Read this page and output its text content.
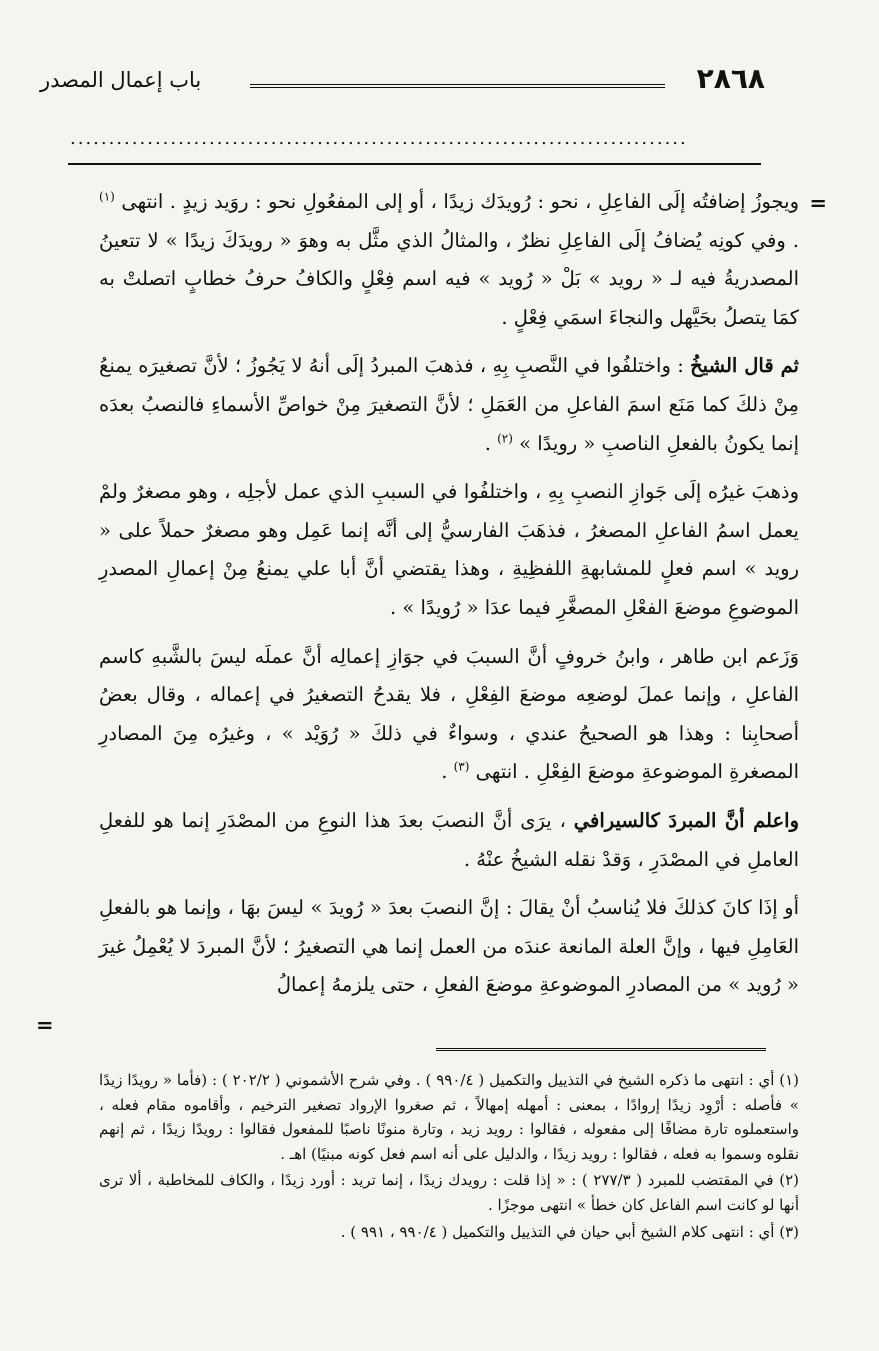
٢٨٦٨
باب إعمال المصدر
................................................................................
=

ويجوزُ إضافتُه إلَى الفاعِلِ ، نحو : رُويدَك زيدًا ، أو إلى المفعُولِ نحو : روَيد زيدٍ . انتهى $^{(١)}$ . وفي كونِه يُضافُ إلَى الفاعِلِ نظرٌ ، والمثالُ الذي مثَّل به وهوَ « رويدَكَ زيدًا » لا تتعينُ المصدريةُ فيه لـ « رويد » بَلْ « رُويد » فيه اسم فِعْلٍ والكافُ حرفُ خطابٍ اتصلتْ به كمَا يتصلُ بحَيَّهل والنجاءَ اسمَي فِعْلٍ .

ثم قال الشيخُ : واختلفُوا في النَّصبِ بِهِ ، فذهبَ المبردُ إلَى أنهُ لا يَجُوزُ ؛ لأنَّ تصغيرَه يمنعُ مِنْ ذلكَ كما مَنَع اسمَ الفاعلِ من العَمَلِ ؛ لأنَّ التصغيرَ مِنْ خواصِّ الأسماءِ فالنصبُ بعدَه إنما يكونُ بالفعلِ الناصبِ « رويدًا » $^{(٢)}$ .

وذهبَ غيرُه إلَى جَوازِ النصبِ بِهِ ، واختلفُوا في السببِ الذي عمل لأجلِه ، وهو مصغرٌ ولمْ يعمل اسمُ الفاعلِ المصغرُ ، فذهَبَ الفارسيُّ إلى أنَّه إنما عَمِل وهو مصغرٌ حملاً على « رويد » اسم فعلٍ للمشابهةِ اللفظِيةِ ، وهذا يقتضي أنَّ أبا علي يمنعُ مِنْ إعمالِ المصدرِ الموضوعِ موضعَ الفعْلِ المصغَّرِ فيما عدَا « رُويدًا » .

وَزَعم ابن طاهر ، وابنُ خروفٍ أنَّ السببَ في جوَازِ إعمالِه أنَّ عملَه ليسَ بالشَّبهِ كاسم الفاعلِ ، وإنما عملَ لوضعِه موضعَ الفِعْلِ ، فلا يقدحُ التصغيرُ في إعماله ، وقال بعضُ أصحابِنا : وهذا هو الصحيحُ عندي ، وسواءٌ في ذلكَ « رُوَيْد » ، وغيرُه مِنَ المصادرِ المصغرةِ الموضوعةِ موضعَ الفِعْلِ . انتهى $^{(٣)}$ .

واعلم أنَّ المبردَ كالسيرافي ، يرَى أنَّ النصبَ بعدَ هذا النوعِ من المصْدَرِ إنما هو للفعلِ العاملِ في المصْدَرِ ، وَقدْ نقله الشيخُ عنْهُ .

أو إذَا كانَ كذلكَ فلا يُناسبُ أنْ يقالَ : إنَّ النصبَ بعدَ « رُويدَ » ليسَ بهَا ، وإنما هو بالفعلِ العَامِلِ فيها ، وإنَّ العلة المانعة عندَه من العمل إنما هي التصغيرُ ؛ لأنَّ المبردَ لا يُعْمِلُ غيرَ « رُويد » من المصادرِ الموضوعةِ موضعَ الفعلِ ، حتى يلزمهُ إعمالُ

=

(١) أي : انتهى ما ذكره الشيخ في التذييل والتكميل ( ٩٩٠/٤ ) . وفي شرح الأشموني ( ٢٠٢/٢ ) : (فأما « رويدًا زيدًا » فأصله : أرْوِد زيدًا إروادًا ، بمعنى : أمهله إمهالاً ، ثم صغروا الإرواد تصغير الترخيم ، وأقاموه مقام فعله ، واستعملوه تارة مضافًا إلى مفعوله ، فقالوا : رويد زيد ، وتارة منونًا ناصبًا للمفعول فقالوا : رويدًا زيدًا ، ثم إنهم نقلوه وسموا به فعله ، فقالوا : رويد زيدًا ، والدليل على أنه اسم فعل كونه مبنيًا) اهـ .

(٢) في المقتضب للمبرد ( ٢٧٧/٣ ) : « إذا قلت : رويدك زيدًا ، إنما تريد : أورد زيدًا ، والكاف للمخاطبة ، ألا ترى أنها لو كانت اسم الفاعل كان خطأ » انتهى موجزًا .

(٣) أي : انتهى كلام الشيخ أبي حيان في التذييل والتكميل ( ٩٩٠/٤ ، ٩٩١ ) .
